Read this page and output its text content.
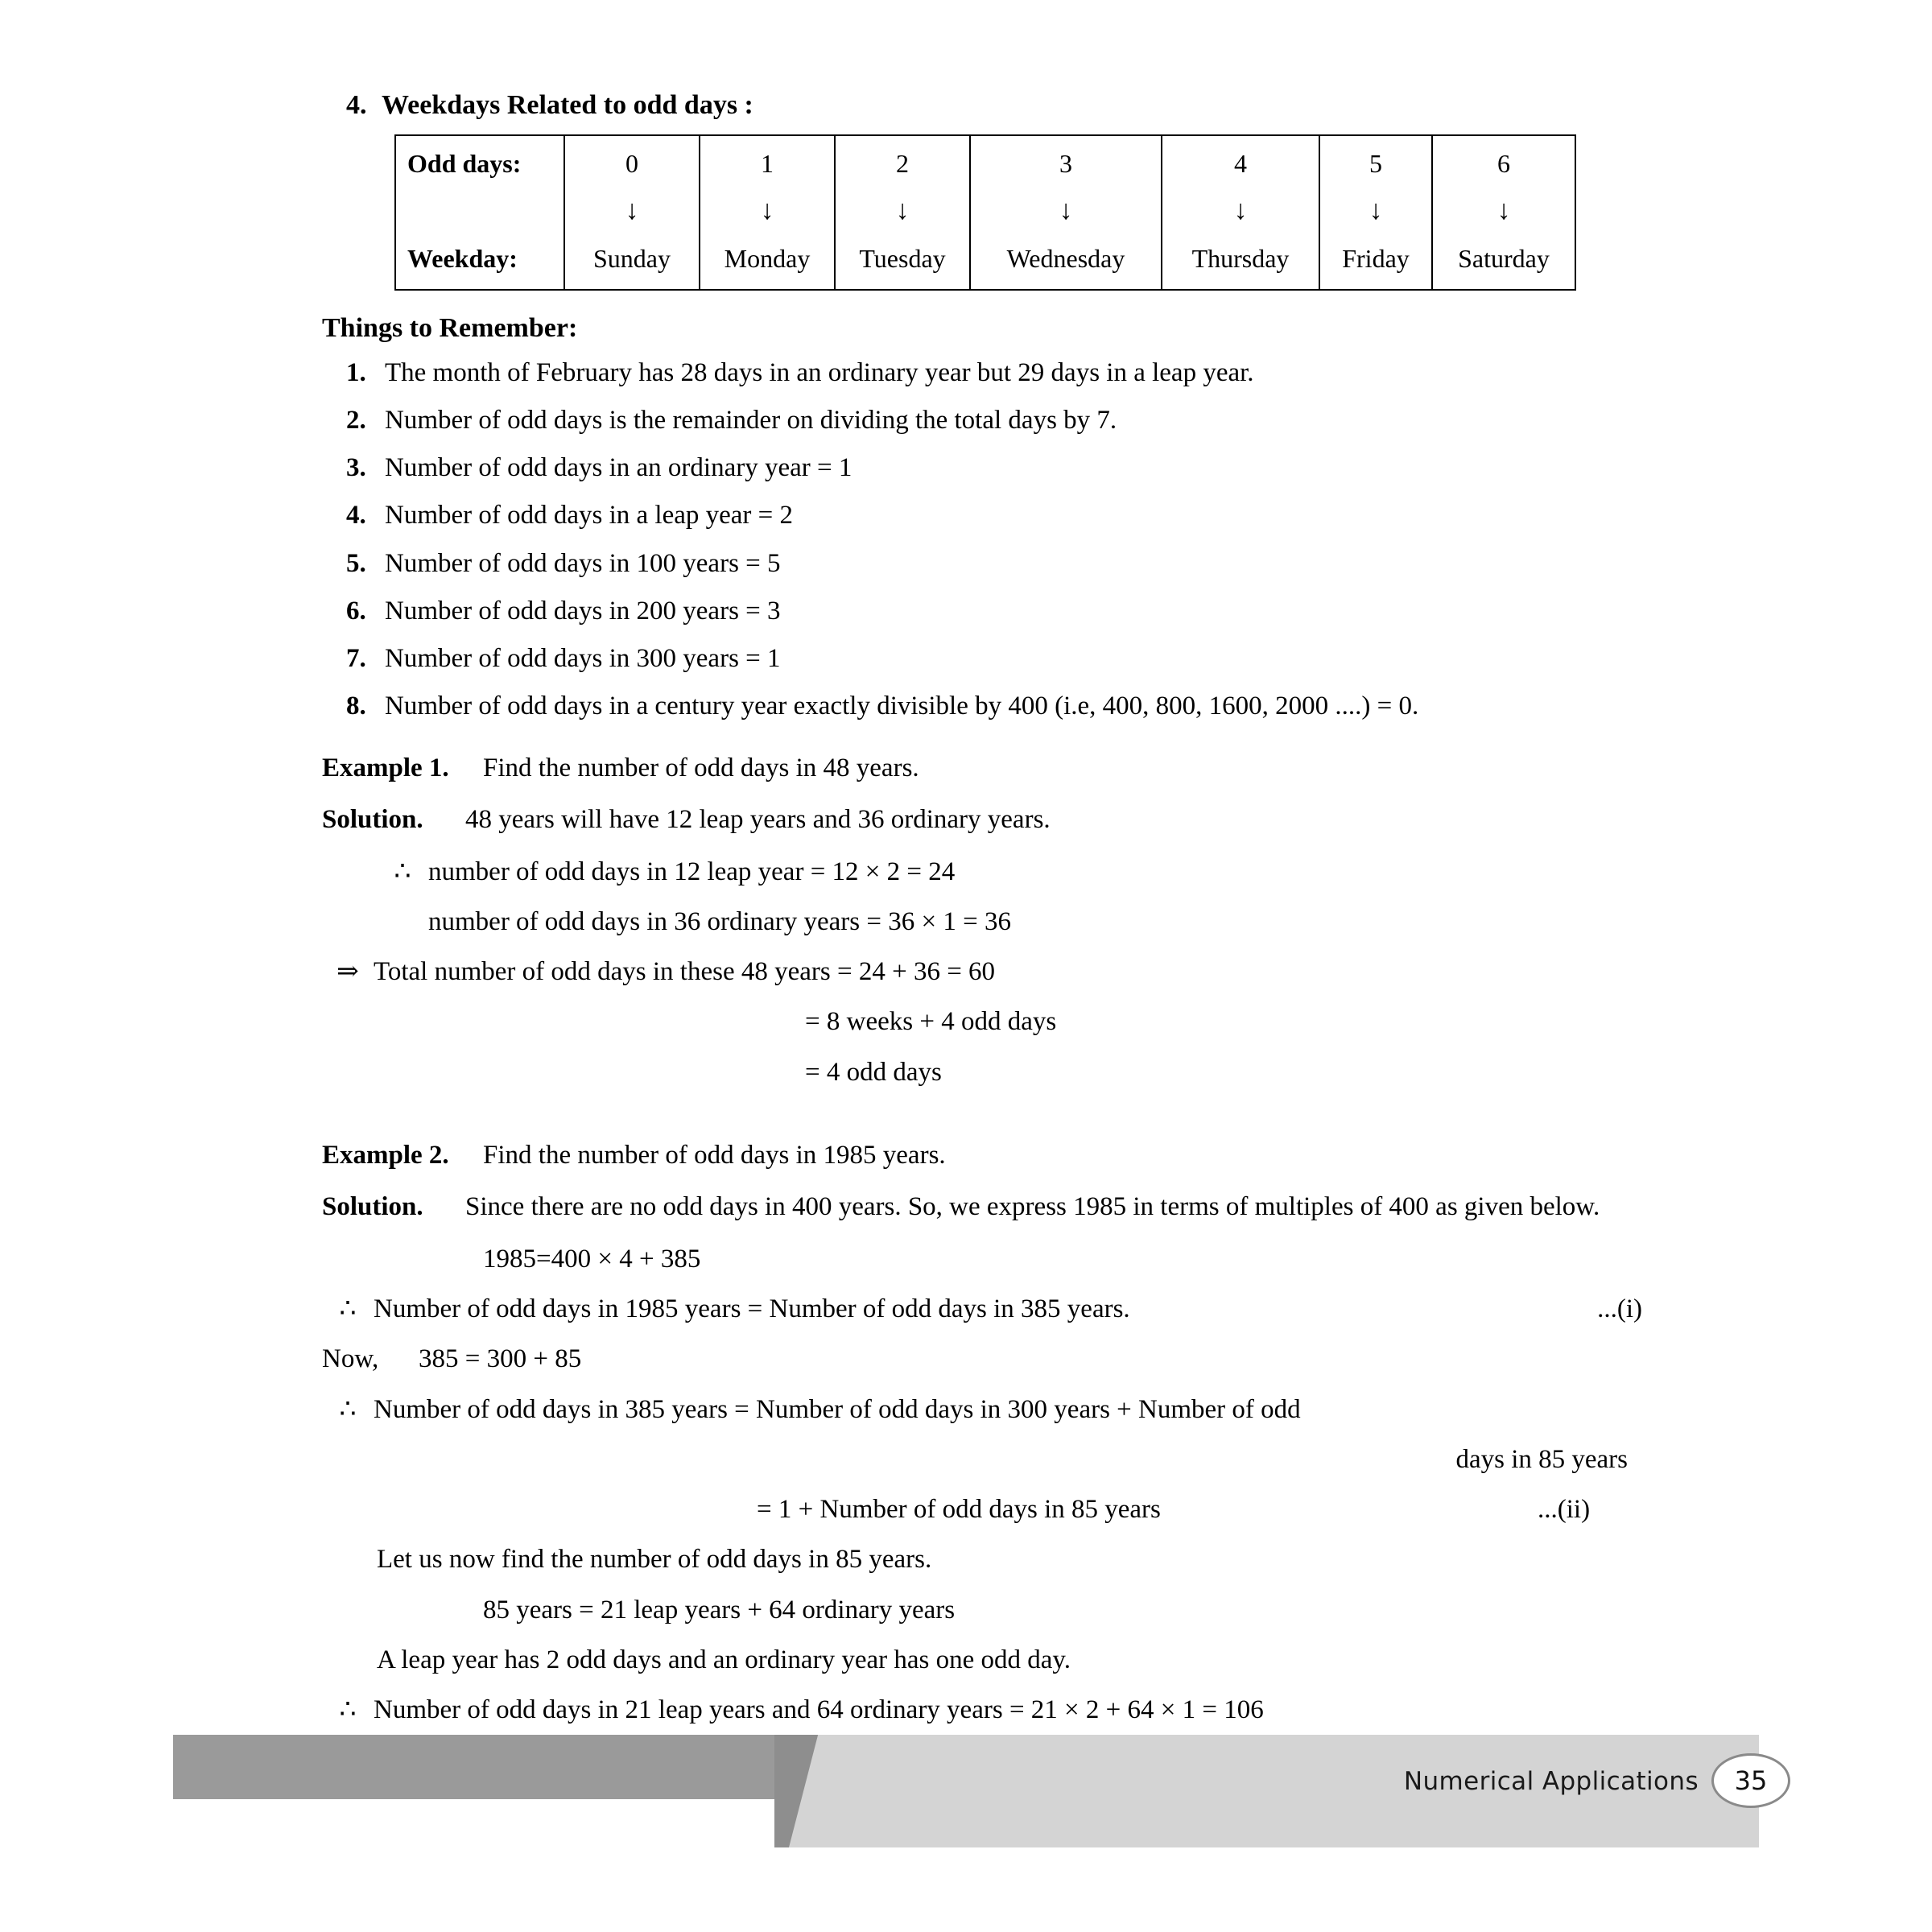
4. Weekdays Related to odd days :
Odd days:	0	1	2	3	4	5	6
	↓	↓	↓	↓	↓	↓	↓
Weekday:	Sunday	Monday	Tuesday	Wednesday	Thursday	Friday	Saturday
Things to Remember:
1. The month of February has 28 days in an ordinary year but 29 days in a leap year.
2. Number of odd days is the remainder on dividing the total days by 7.
3. Number of odd days in an ordinary year = 1
4. Number of odd days in a leap year = 2
5. Number of odd days in 100 years = 5
6. Number of odd days in 200 years = 3
7. Number of odd days in 300 years = 1
8. Number of odd days in a century year exactly divisible by 400 (i.e, 400, 800, 1600, 2000 ....) = 0.
Example 1.	Find the number of odd days in 48 years.
Solution. 48 years will have 12 leap years and 36 ordinary years.
∴ number of odd days in 12 leap year = 12 × 2 = 24
number of odd days in 36 ordinary years = 36 × 1 = 36
⇒ Total number of odd days in these 48 years = 24 + 36 = 60
= 8 weeks + 4 odd days
= 4 odd days
Example 2.	Find the number of odd days in 1985 years.
Solution. Since there are no odd days in 400 years. So, we express 1985 in terms of multiples of 400 as given below.
1985=400 × 4 + 385
∴ Number of odd days in 1985 years = Number of odd days in 385 years.	...(i)
Now,	385 = 300 + 85
∴ Number of odd days in 385 years = Number of odd days in 300 years + Number of odd
days in 85 years
= 1 + Number of odd days in 85 years	...(ii)
Let us now find the number of odd days in 85 years.
85 years = 21 leap years + 64 ordinary years
A leap year has 2 odd days and an ordinary year has one odd day.
∴ Number of odd days in 21 leap years and 64 ordinary years = 21 × 2 + 64 × 1 = 106
Numerical Applications	35
